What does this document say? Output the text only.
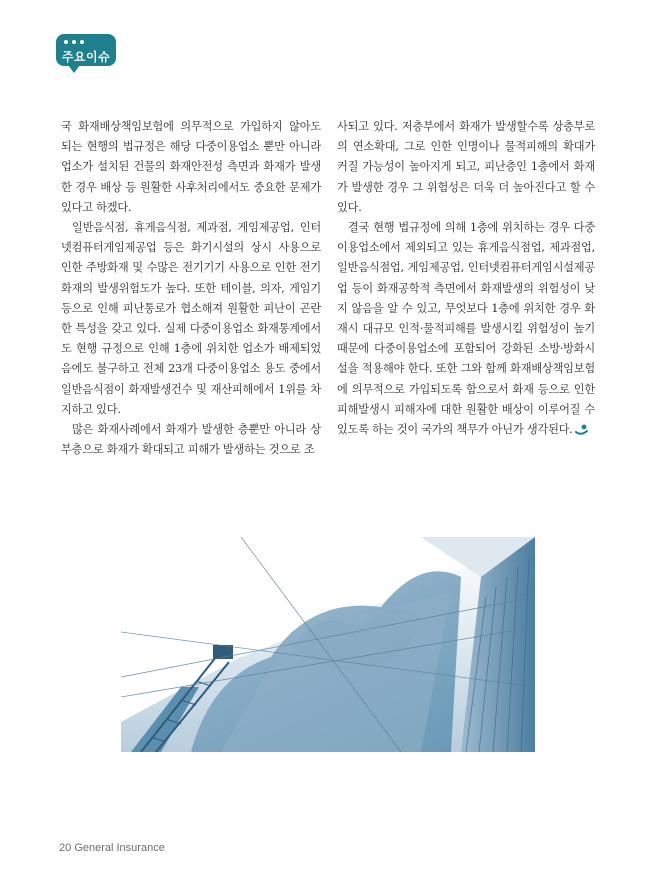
주요이슈

국 화재배상책임보험에 의무적으로 가입하지 않아도 되는 현행의 법규정은 해당 다중이용업소 뿐만 아니라 업소가 설치된 건물의 화재안전성 측면과 화재가 발생한 경우 배상 등 원활한 사후처리에서도 중요한 문제가 있다고 하겠다.

일반음식점, 휴게음식점, 제과점, 게임제공업, 인터넷컴퓨터게임제공업 등은 화기시설의 상시 사용으로 인한 주방화재 및 수많은 전기기기 사용으로 인한 전기화재의 발생위험도가 높다. 또한 테이블, 의자, 게임기 등으로 인해 피난통로가 협소해져 원활한 피난이 곤란한 특성을 갖고 있다. 실제 다중이용업소 화재통계에서도 현행 규정으로 인해 1층에 위치한 업소가 배제되었음에도 불구하고 전체 23개 다중이용업소 용도 중에서 일반음식점이 화재발생건수 및 재산피해에서 1위를 차지하고 있다.

많은 화재사례에서 화재가 발생한 층뿐만 아니라 상부층으로 화재가 확대되고 피해가 발생하는 것으로 조

사되고 있다. 저층부에서 화재가 발생할수록 상층부로의 연소확대, 그로 인한 인명이나 물적피해의 확대가 커질 가능성이 높아지게 되고, 피난층인 1층에서 화재가 발생한 경우 그 위험성은 더욱 더 높아진다고 할 수 있다.

결국 현행 법규정에 의해 1층에 위치하는 경우 다중이용업소에서 제외되고 있는 휴게음식점업, 제과점업, 일반음식점업, 게임제공업, 인터넷컴퓨터게임시설제공업 등이 화재공학적 측면에서 화재발생의 위험성이 낮지 않음을 알 수 있고, 무엇보다 1층에 위치한 경우 화재시 대규모 인적·물적피해를 발생시킬 위험성이 높기 때문에 다중이용업소에 포함되어 강화된 소방·방화시설을 적용해야 한다. 또한 그와 함께 화재배상책임보험에 의무적으로 가입되도록 함으로서 화재 등으로 인한 피해발생시 피해자에 대한 원활한 배상이 이루어질 수 있도록 하는 것이 국가의 책무가 아닌가 생각된다.

20 General Insurance
